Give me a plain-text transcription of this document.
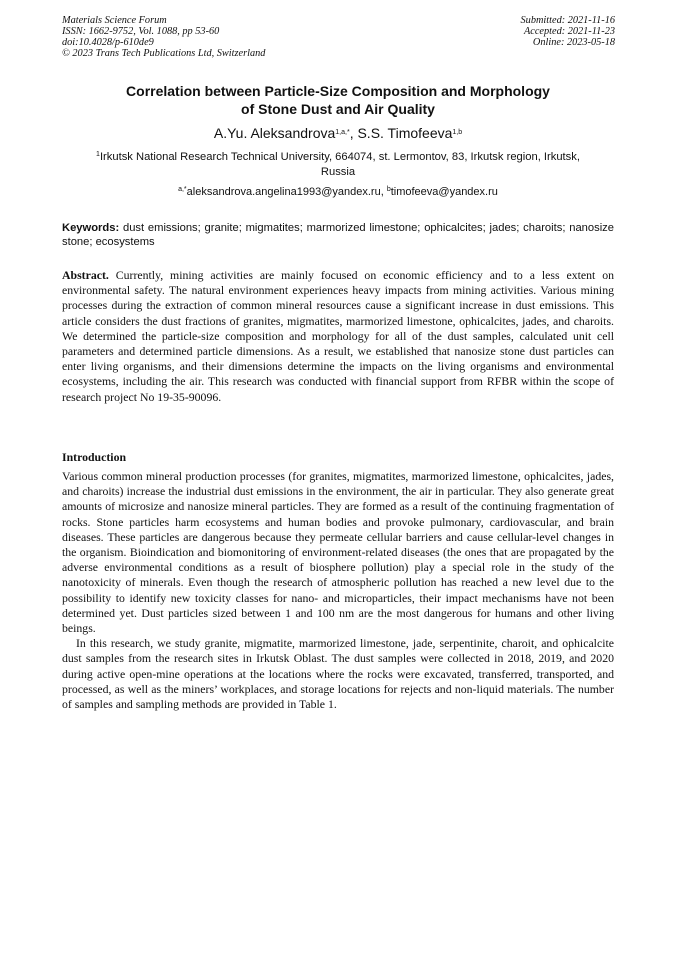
Materials Science Forum
ISSN: 1662-9752, Vol. 1088, pp 53-60
doi:10.4028/p-610de9
© 2023 Trans Tech Publications Ltd, Switzerland
Submitted: 2021-11-16
Accepted: 2021-11-23
Online: 2023-05-18
Correlation between Particle-Size Composition and Morphology
of Stone Dust and Air Quality
A.Yu. Aleksandrova$^{1,a,*}$, S.S. Timofeeva$^{1,b}$
$^1$Irkutsk National Research Technical University, 664074, st. Lermontov, 83, Irkutsk region, Irkutsk, Russia
$^{a,*}$aleksandrova.angelina1993@yandex.ru, $^b$timofeeva@yandex.ru
Keywords: dust emissions; granite; migmatites; marmorized limestone; ophicalcites; jades; charoits; nanosize stone; ecosystems
Abstract. Currently, mining activities are mainly focused on economic efficiency and to a less extent on environmental safety. The natural environment experiences heavy impacts from mining activities. Various mining processes during the extraction of common mineral resources cause a significant increase in dust emissions. This article considers the dust fractions of granites, migmatites, marmorized limestone, ophicalcites, jades, and charoits. We determined the particle-size composition and morphology for all of the dust samples, calculated unit cell parameters and determined particle dimensions. As a result, we established that nanosize stone dust particles can enter living organisms, and their dimensions determine the impacts on the living organisms and environmental ecosystems, including the air. This research was conducted with financial support from RFBR within the scope of research project No 19-35-90096.
Introduction

Various common mineral production processes (for granites, migmatites, marmorized limestone, ophicalcites, jades, and charoits) increase the industrial dust emissions in the environment, the air in particular. They also generate great amounts of microsize and nanosize mineral particles. They are formed as a result of the continuing fragmentation of rocks. Stone particles harm ecosystems and human bodies and provoke pulmonary, cardiovascular, and brain diseases. These particles are dangerous because they permeate cellular barriers and cause cellular-level changes in the organism. Bioindication and biomonitoring of environment-related diseases (the ones that are propagated by the adverse environmental conditions as a result of biosphere pollution) play a special role in the study of the nanotoxicity of minerals. Even though the research of atmospheric pollution has reached a new level due to the possibility to identify new toxicity classes for nano- and microparticles, their impact mechanisms have not been determined yet. Dust particles sized between 1 and 100 nm are the most dangerous for humans and other living beings.

In this research, we study granite, migmatite, marmorized limestone, jade, serpentinite, charoit, and ophicalcite dust samples from the research sites in Irkutsk Oblast. The dust samples were collected in 2018, 2019, and 2020 during active open-mine operations at the locations where the rocks were excavated, transferred, transported, and processed, as well as the miners’ workplaces, and storage locations for rejects and non-liquid materials. The number of samples and sampling methods are provided in Table 1.
